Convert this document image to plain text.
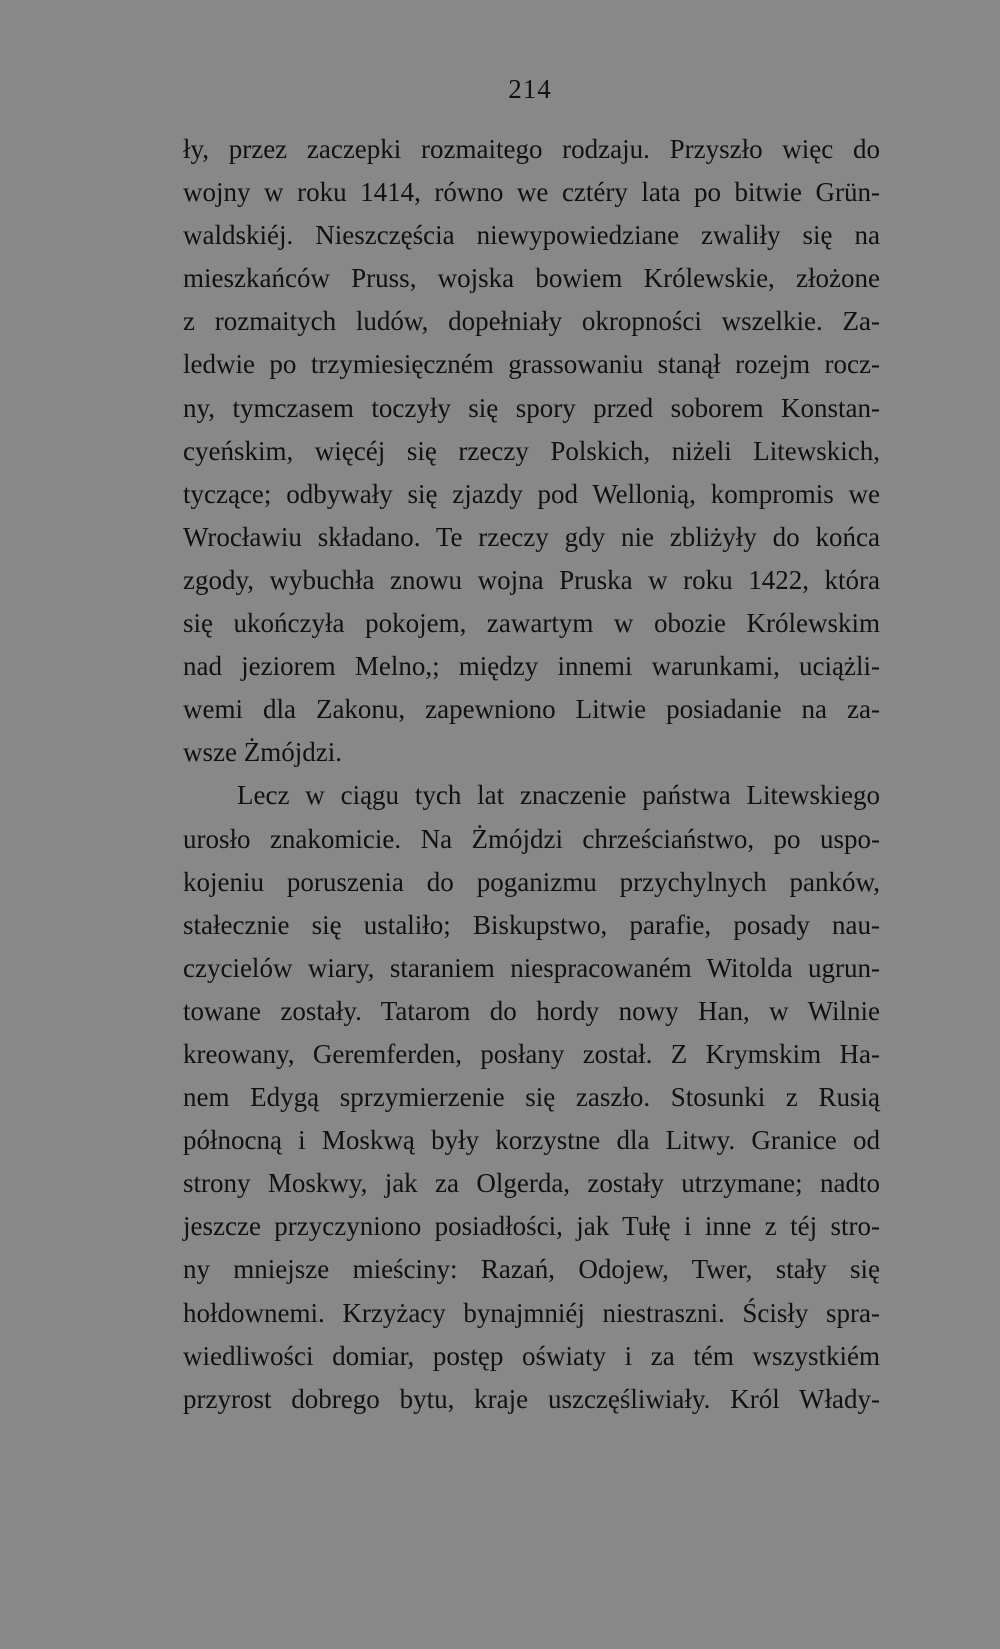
214
ły, przez zaczepki rozmaitego rodzaju. Przyszło więc do
wojny w roku 1414, równo we cztéry lata po bitwie Grün-
waldskiéj. Nieszczęścia niewypowiedziane zwaliły się na
mieszkańców Pruss, wojska bowiem Królewskie, złożone
z rozmaitych ludów, dopełniały okropności wszelkie. Za-
ledwie po trzymiesięczném grassowaniu stanął rozejm rocz-
ny, tymczasem toczyły się spory przed soborem Konstan-
cyeńskim, więcéj się rzeczy Polskich, niżeli Litewskich,
tyczące; odbywały się zjazdy pod Wellonią, kompromis we
Wrocławiu składano. Te rzeczy gdy nie zbliżyły do końca
zgody, wybuchła znowu wojna Pruska w roku 1422, która
się ukończyła pokojem, zawartym w obozie Królewskim
nad jeziorem Melno,; między innemi warunkami, uciążli-
wemi dla Zakonu, zapewniono Litwie posiadanie na za-
wsze Żmójdzi.
Lecz w ciągu tych lat znaczenie państwa Litewskiego
urosło znakomicie. Na Żmójdzi chrześciaństwo, po uspo-
kojeniu poruszenia do poganizmu przychylnych panków,
stałecznie się ustaliło; Biskupstwo, parafie, posady nau-
czycielów wiary, staraniem niespracowaném Witolda ugrun-
towane zostały. Tatarom do hordy nowy Han, w Wilnie
kreowany, Geremferden, posłany został. Z Krymskim Ha-
nem Edygą sprzymierzenie się zaszło. Stosunki z Rusią
północną i Moskwą były korzystne dla Litwy. Granice od
strony Moskwy, jak za Olgerda, zostały utrzymane; nadto
jeszcze przyczyniono posiadłości, jak Tułę i inne z téj stro-
ny mniejsze mieściny: Razań, Odojew, Twer, stały się
hołdownemi. Krzyżacy bynajmniéj niestraszni. Ścisły spra-
wiedliwości domiar, postęp oświaty i za tém wszystkiém
przyrost dobrego bytu, kraje uszczęśliwiały. Król Włady-
